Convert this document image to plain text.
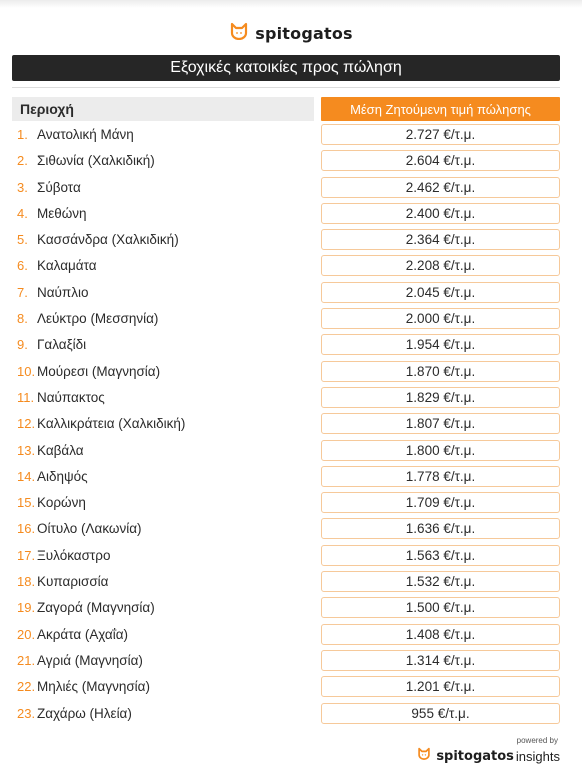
spitogatos
Εξοχικές κατοικίες προς πώληση
Περιοχή	Μέση Ζητούμενη τιμή πώλησης
1. Ανατολική Μάνη	2.727 €/τ.μ.
2. Σιθωνία (Χαλκιδική)	2.604 €/τ.μ.
3. Σύβοτα	2.462 €/τ.μ.
4. Μεθώνη	2.400 €/τ.μ.
5. Κασσάνδρα (Χαλκιδική)	2.364 €/τ.μ.
6. Καλαμάτα	2.208 €/τ.μ.
7. Ναύπλιο	2.045 €/τ.μ.
8. Λεύκτρο (Μεσσηνία)	2.000 €/τ.μ.
9. Γαλαξίδι	1.954 €/τ.μ.
10. Μούρεσι (Μαγνησία)	1.870 €/τ.μ.
11. Ναύπακτος	1.829 €/τ.μ.
12. Καλλικράτεια (Χαλκιδική)	1.807 €/τ.μ.
13. Καβάλα	1.800 €/τ.μ.
14. Αιδηψός	1.778 €/τ.μ.
15. Κορώνη	1.709 €/τ.μ.
16. Οίτυλο (Λακωνία)	1.636 €/τ.μ.
17. Ξυλόκαστρο	1.563 €/τ.μ.
18. Κυπαρισσία	1.532 €/τ.μ.
19. Ζαγορά (Μαγνησία)	1.500 €/τ.μ.
20. Ακράτα (Αχαΐα)	1.408 €/τ.μ.
21. Αγριά (Μαγνησία)	1.314 €/τ.μ.
22. Μηλιές (Μαγνησία)	1.201 €/τ.μ.
23. Ζαχάρω (Ηλεία)	955 €/τ.μ.
powered by
spitogatos insights
